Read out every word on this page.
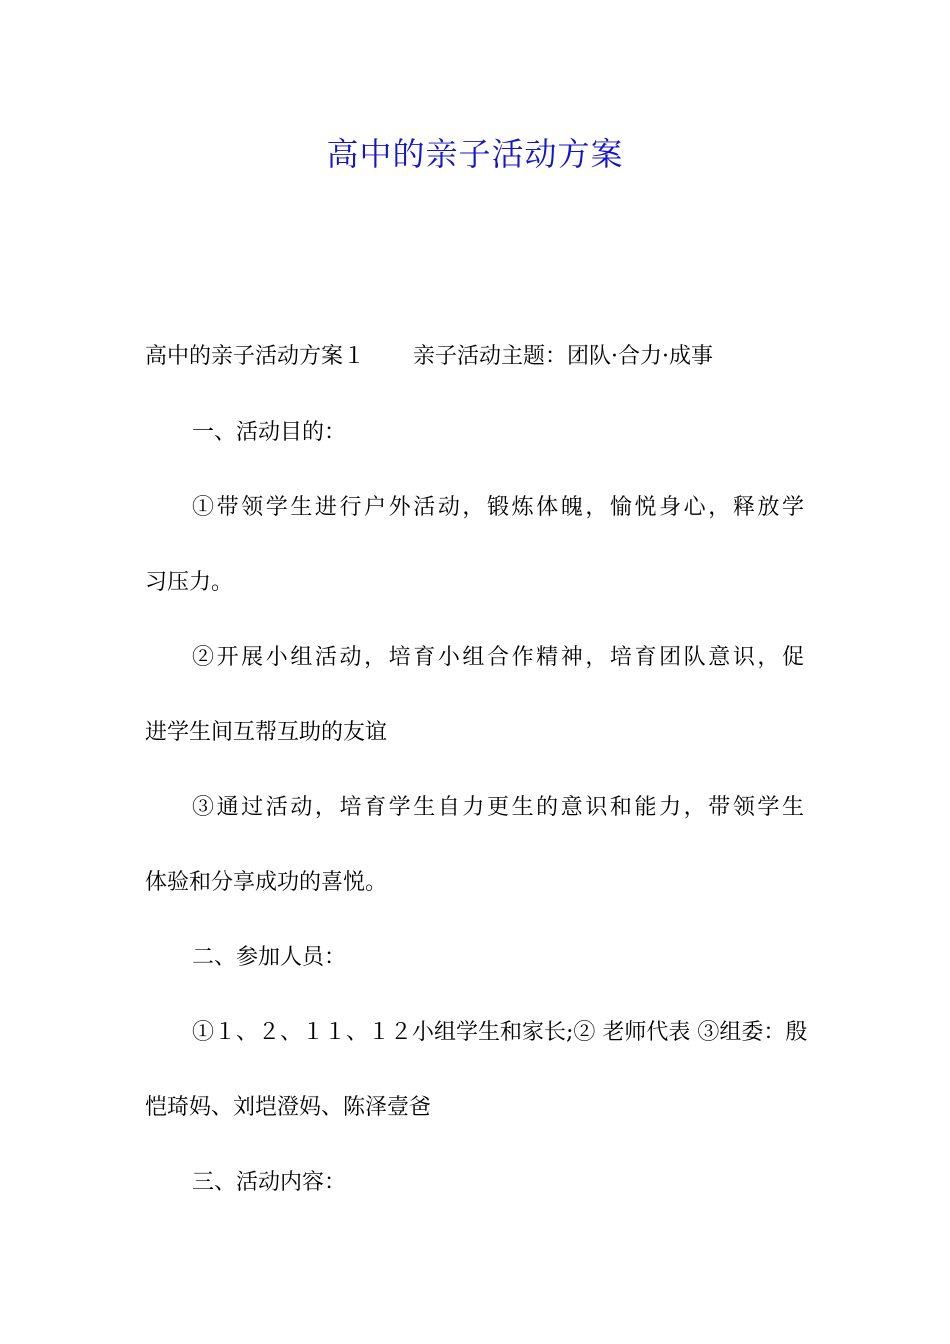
高中的亲子活动方案
高中的亲子活动方案１ 亲子活动主题：团队·合力·成事
一、活动目的：
①带领学生进行户外活动，锻炼体魄，愉悦身心，释放学
习压力。
②开展小组活动，培育小组合作精神，培育团队意识，促
进学生间互帮互助的友谊
③通过活动，培育学生自力更生的意识和能力，带领学生
体验和分享成功的喜悦。
二、参加人员：
①１、２、１１、１２小组学生和家长;② 老师代表 ③组委：殷
恺琦妈、刘垲澄妈、陈泽壹爸
三、活动内容：
